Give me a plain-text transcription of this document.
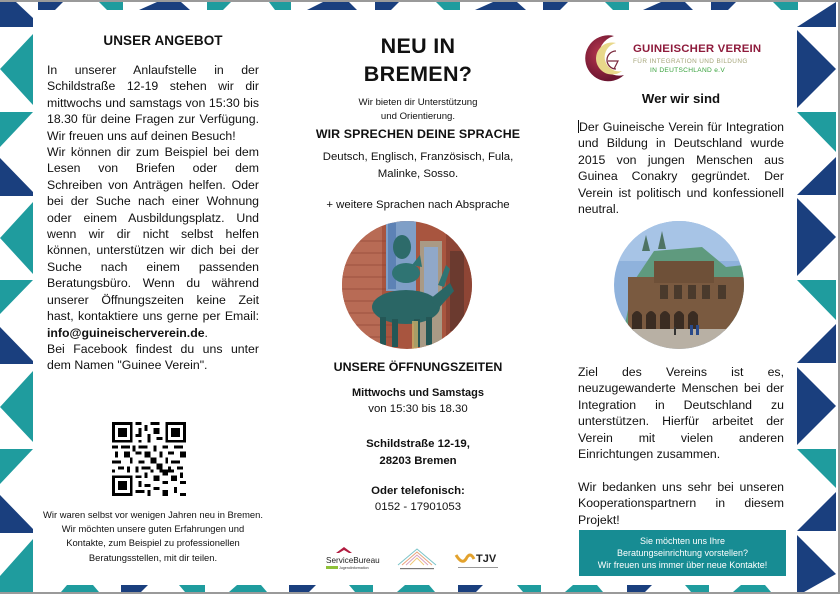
UNSER ANGEBOT

In unserer Anlaufstelle in der Schildstraße 12-19 stehen wir dir mittwochs und samstags von 15:30 bis 18.30 für deine Fragen zur Verfügung. Wir freuen uns auf deinen Besuch!

Wir können dir zum Beispiel bei dem Lesen von Briefen oder dem Schreiben von Anträgen helfen. Oder bei der Suche nach einer Wohnung oder einem Ausbildungsplatz. Und wenn wir dir nicht selbst helfen können, unterstützen wir dich bei der Suche nach einem passenden Beratungsbüro. Wenn du während unserer Öffnungszeiten keine Zeit hast, kontaktiere uns gerne per Email: info@guineischerverein.de.

Bei Facebook findest du uns unter dem Namen "Guinee Verein".

Wir waren selbst vor wenigen Jahren neu in Bremen.

Wir möchten unsere guten Erfahrungen und Kontakte, zum Beispiel zu professionellen Beratungsstellen, mit dir teilen.

NEU IN
BREMEN?
Wir bieten dir Unterstützung
und Orientierung.
WIR SPRECHEN DEINE SPRACHE
Deutsch, Englisch, Französisch, Fula,
Malinke, Sosso.
+ weitere Sprachen nach Absprache
UNSERE ÖFFNUNGSZEITEN
Mittwochs und Samstags
von 15:30 bis 18.30
Schildstraße 12-19,
28203 Bremen
Oder telefonisch:
0152 - 17901053
ServiceBureau
Jugendinformation
TJV
GUINEISCHER VEREIN
FÜR INTEGRATION UND BILDUNG
IN DEUTSCHLAND e.V
Wer wir sind
Der Guineische Verein für Integration und Bildung in Deutschland wurde 2015 von jungen Menschen aus Guinea Conakry gegründet. Der Verein ist politisch und konfessionell neutral.

Ziel des Vereins ist es, neuzugewanderte Menschen bei der Integration in Deutschland zu unterstützen. Hierfür arbeitet der Verein mit vielen anderen Einrichtungen zusammen.

Wir bedanken uns sehr bei unseren Kooperationspartnern in diesem Projekt!

Sie möchten uns Ihre
Beratungseinrichtung vorstellen?
Wir freuen uns immer über neue Kontakte!
